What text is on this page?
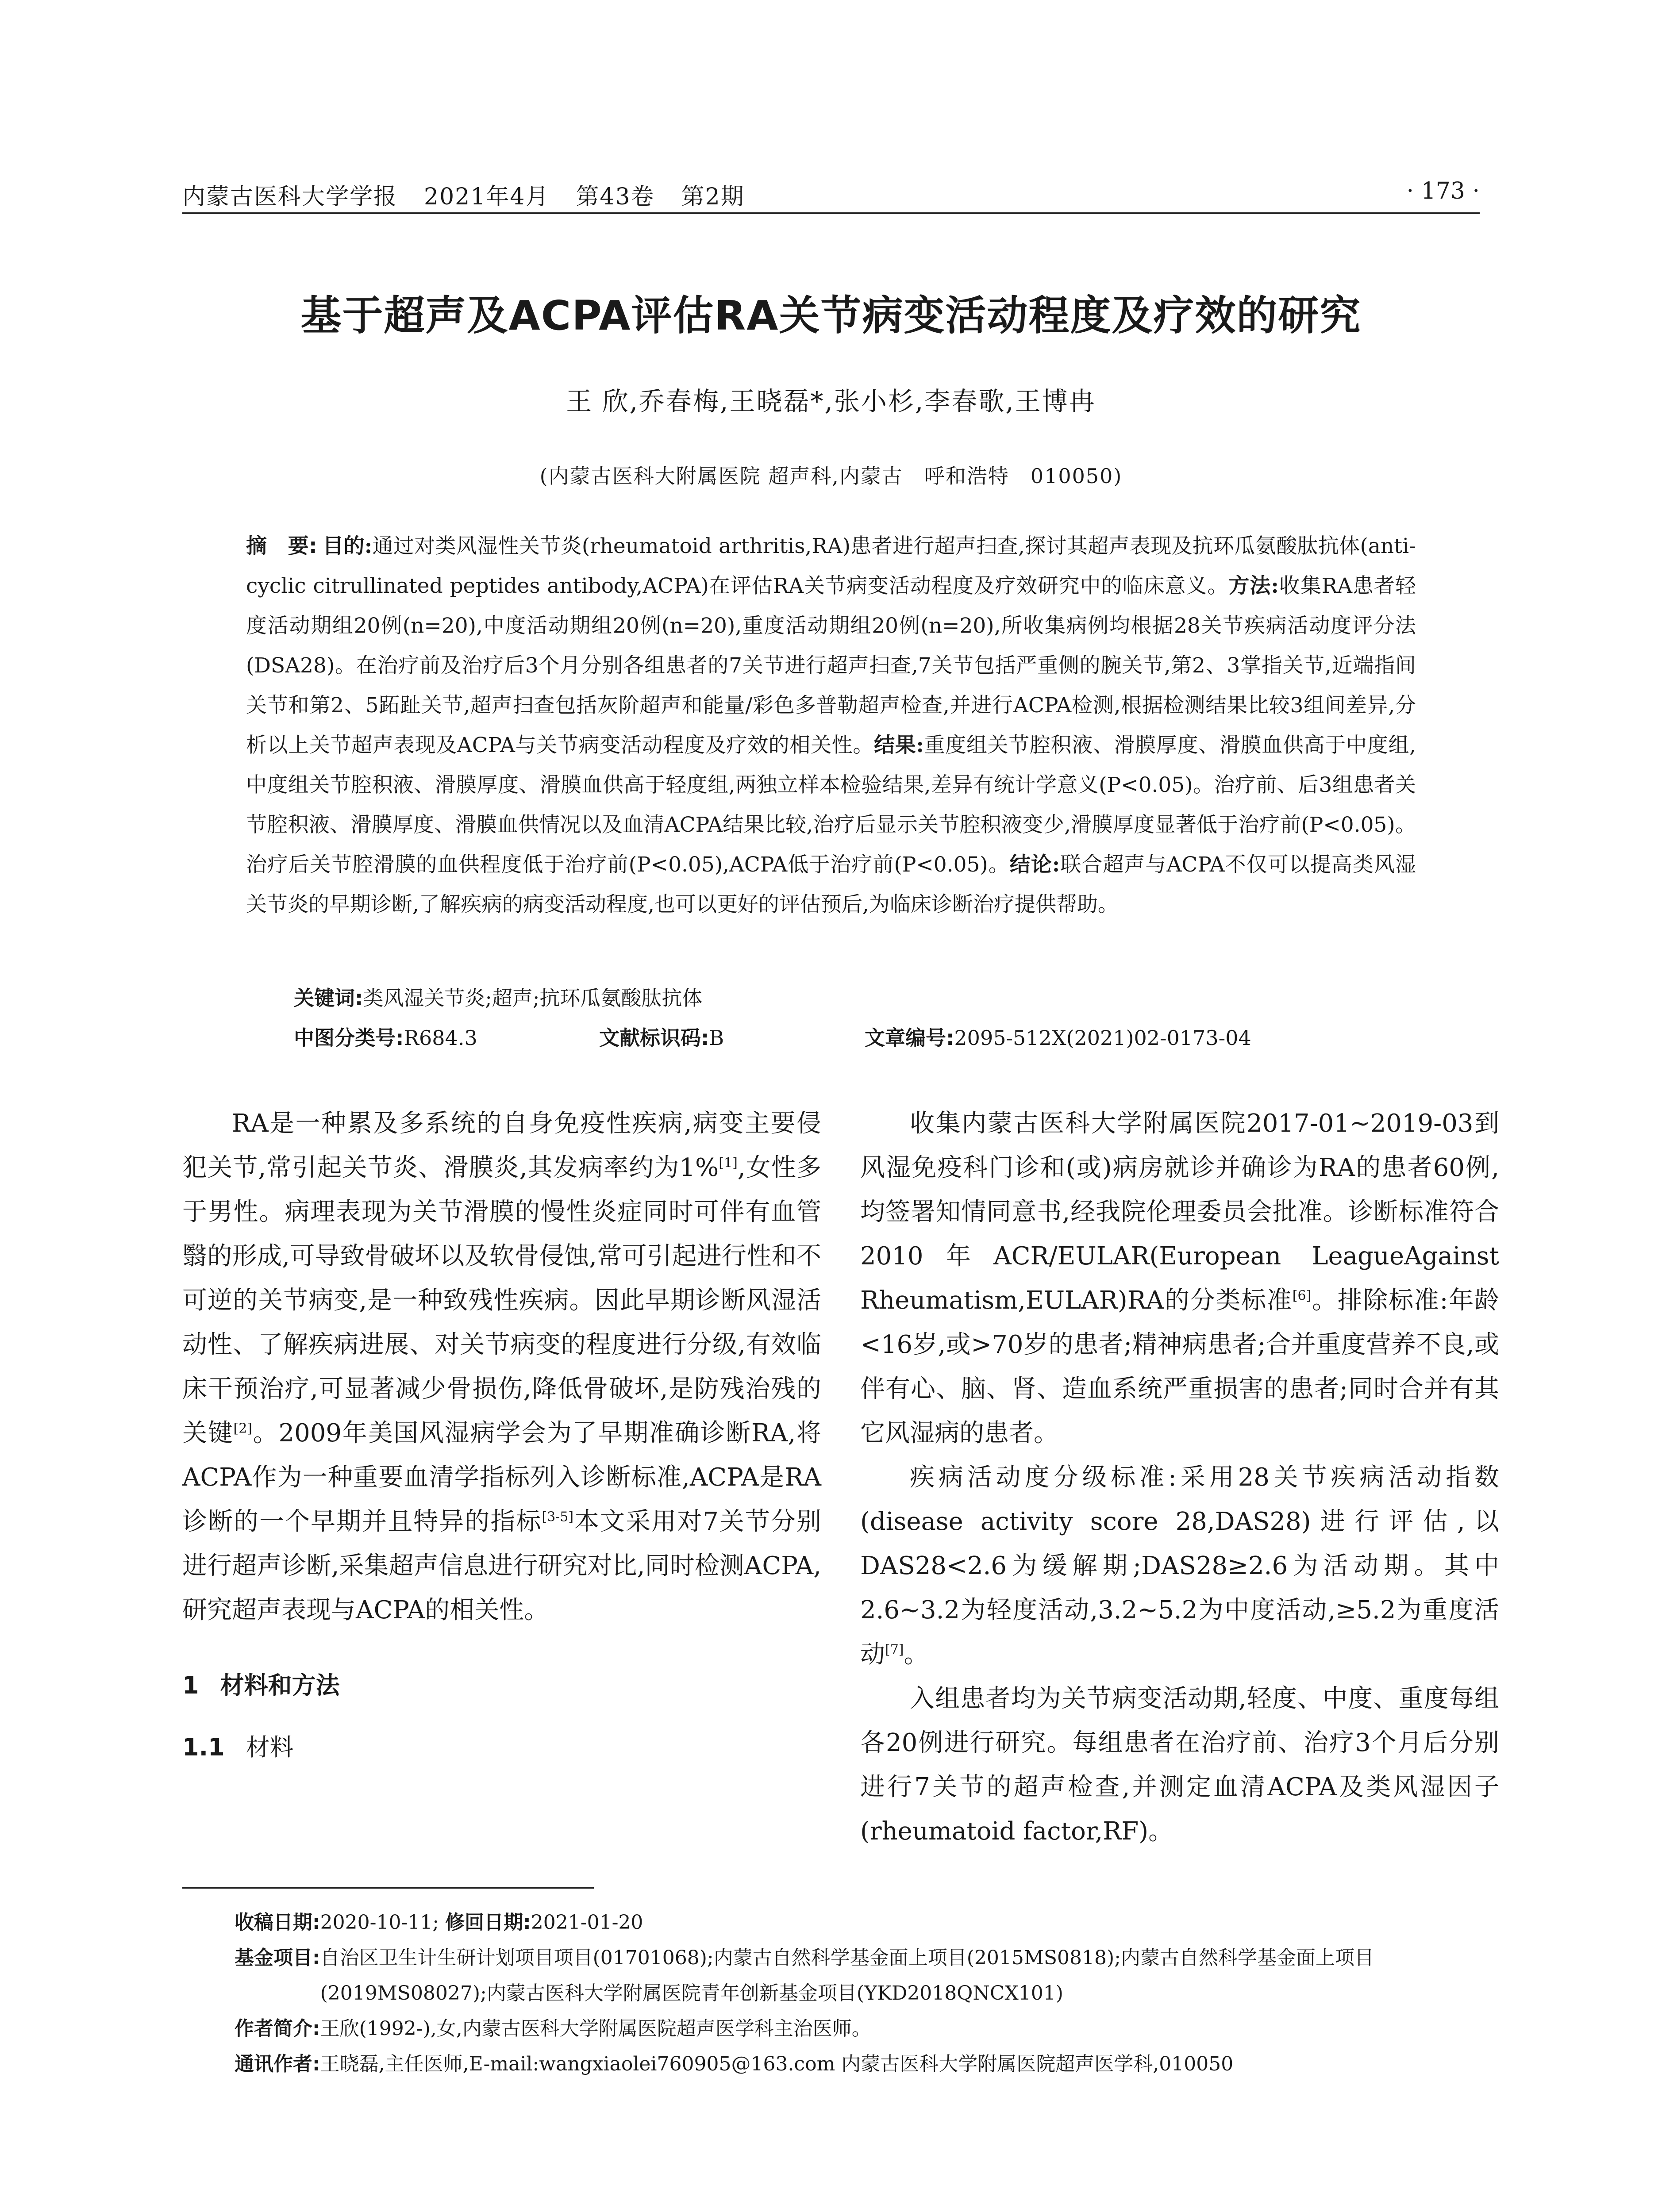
内蒙古医科大学学报 2021年4月 第43卷 第2期	· 173 ·
基于超声及ACPA评估RA关节病变活动程度及疗效的研究
王 欣,乔春梅,王晓磊*,张小杉,李春歌,王博冉
(内蒙古医科大附属医院 超声科,内蒙古　呼和浩特　010050)
摘　要: 目的:通过对类风湿性关节炎(rheumatoid arthritis,RA)患者进行超声扫查,探讨其超声表现及抗环瓜氨酸肽抗体(anti-cyclic citrullinated peptides antibody,ACPA)在评估RA关节病变活动程度及疗效研究中的临床意义。方法:收集RA患者轻度活动期组20例(n=20),中度活动期组20例(n=20),重度活动期组20例(n=20),所收集病例均根据28关节疾病活动度评分法(DSA28)。在治疗前及治疗后3个月分别各组患者的7关节进行超声扫查,7关节包括严重侧的腕关节,第2、3掌指关节,近端指间关节和第2、5跖趾关节,超声扫查包括灰阶超声和能量/彩色多普勒超声检查,并进行ACPA检测,根据检测结果比较3组间差异,分析以上关节超声表现及ACPA与关节病变活动程度及疗效的相关性。结果:重度组关节腔积液、滑膜厚度、滑膜血供高于中度组,中度组关节腔积液、滑膜厚度、滑膜血供高于轻度组,两独立样本检验结果,差异有统计学意义(P<0.05)。治疗前、后3组患者关节腔积液、滑膜厚度、滑膜血供情况以及血清ACPA结果比较,治疗后显示关节腔积液变少,滑膜厚度显著低于治疗前(P<0.05)。治疗后关节腔滑膜的血供程度低于治疗前(P<0.05),ACPA低于治疗前(P<0.05)。结论:联合超声与ACPA不仅可以提高类风湿关节炎的早期诊断,了解疾病的病变活动程度,也可以更好的评估预后,为临床诊断治疗提供帮助。
关键词:类风湿关节炎;超声;抗环瓜氨酸肽抗体
中图分类号:R684.3	文献标识码:B	文章编号:2095-512X(2021)02-0173-04

RA是一种累及多系统的自身免疫性疾病,病变主要侵犯关节,常引起关节炎、滑膜炎,其发病率约为1%[1],女性多于男性。病理表现为关节滑膜的慢性炎症同时可伴有血管翳的形成,可导致骨破坏以及软骨侵蚀,常可引起进行性和不可逆的关节病变,是一种致残性疾病。因此早期诊断风湿活动性、了解疾病进展、对关节病变的程度进行分级,有效临床干预治疗,可显著减少骨损伤,降低骨破坏,是防残治残的关键[2]。2009年美国风湿病学会为了早期准确诊断RA,将ACPA作为一种重要血清学指标列入诊断标准,ACPA是RA诊断的一个早期并且特异的指标[3-5]本文采用对7关节分别进行超声诊断,采集超声信息进行研究对比,同时检测ACPA,研究超声表现与ACPA的相关性。

1 材料和方法
1.1 材料

收集内蒙古医科大学附属医院2017-01~2019-03到风湿免疫科门诊和(或)病房就诊并确诊为RA的患者60例,均签署知情同意书,经我院伦理委员会批准。诊断标准符合2010年ACR/EULAR(European LeagueAgainst Rheumatism,EULAR)RA的分类标准[6]。排除标准:年龄<16岁,或>70岁的患者;精神病患者;合并重度营养不良,或伴有心、脑、肾、造血系统严重损害的患者;同时合并有其它风湿病的患者。

疾病活动度分级标准:采用28关节疾病活动指数(disease activity score 28,DAS28)进行评估,以DAS28<2.6为缓解期;DAS28≥2.6为活动期。其中2.6~3.2为轻度活动,3.2~5.2为中度活动,≥5.2为重度活动[7]。

入组患者均为关节病变活动期,轻度、中度、重度每组各20例进行研究。每组患者在治疗前、治疗3个月后分别进行7关节的超声检查,并测定血清ACPA及类风湿因子(rheumatoid factor,RF)。

收稿日期:2020-10-11; 修回日期:2021-01-20
基金项目: 自治区卫生计生研计划项目项目(01701068);内蒙古自然科学基金面上项目(2015MS0818);内蒙古自然科学基金面上项目(2019MS08027);内蒙古医科大学附属医院青年创新基金项目(YKD2018QNCX101)
作者简介: 王欣(1992-),女,内蒙古医科大学附属医院超声医学科主治医师。
通讯作者: 王晓磊,主任医师,E-mail:wangxiaolei760905@163.com 内蒙古医科大学附属医院超声医学科,010050
